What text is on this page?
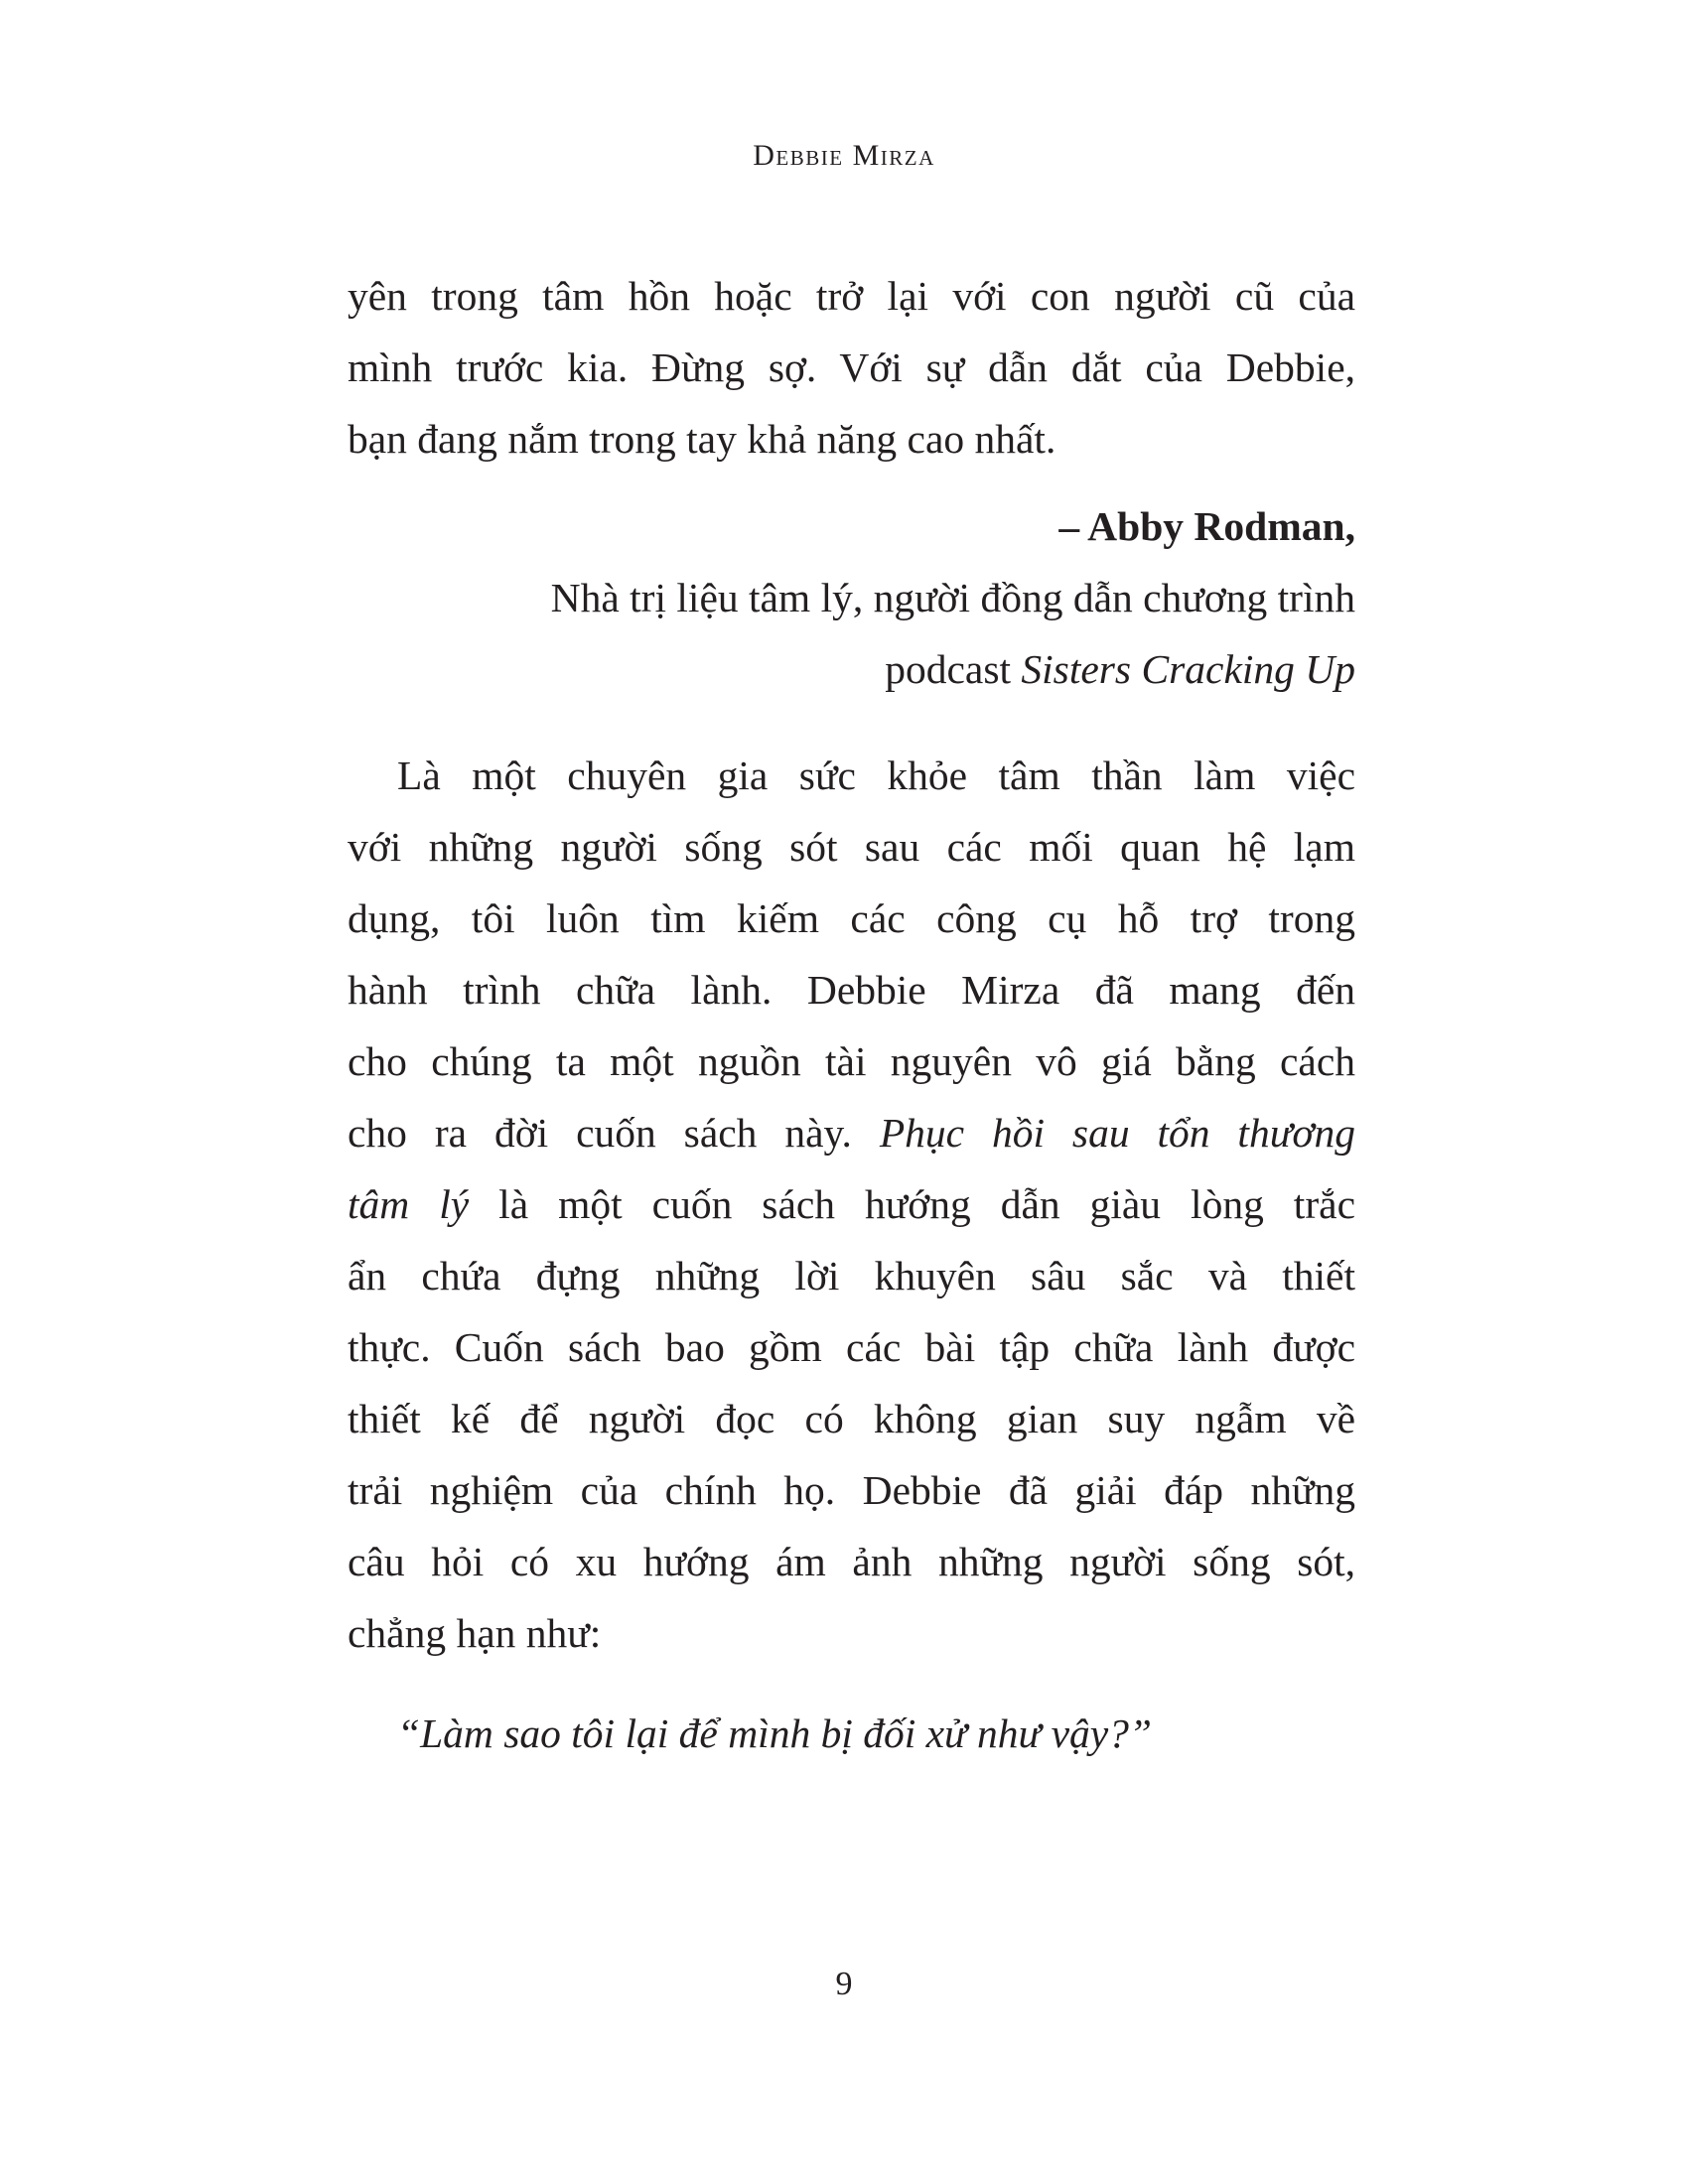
Debbie Mirza
yên trong tâm hồn hoặc trở lại với con người cũ của
mình trước kia. Đừng sợ. Với sự dẫn dắt của Debbie,
bạn đang nắm trong tay khả năng cao nhất.
– Abby Rodman,
Nhà trị liệu tâm lý, người đồng dẫn chương trình
podcast Sisters Cracking Up
Là một chuyên gia sức khỏe tâm thần làm việc
với những người sống sót sau các mối quan hệ lạm
dụng, tôi luôn tìm kiếm các công cụ hỗ trợ trong
hành trình chữa lành. Debbie Mirza đã mang đến
cho chúng ta một nguồn tài nguyên vô giá bằng cách
cho ra đời cuốn sách này. Phục hồi sau tổn thương
tâm lý là một cuốn sách hướng dẫn giàu lòng trắc
ẩn chứa đựng những lời khuyên sâu sắc và thiết
thực. Cuốn sách bao gồm các bài tập chữa lành được
thiết kế để người đọc có không gian suy ngẫm về
trải nghiệm của chính họ. Debbie đã giải đáp những
câu hỏi có xu hướng ám ảnh những người sống sót,
chẳng hạn như:
“Làm sao tôi lại để mình bị đối xử như vậy?”
9
